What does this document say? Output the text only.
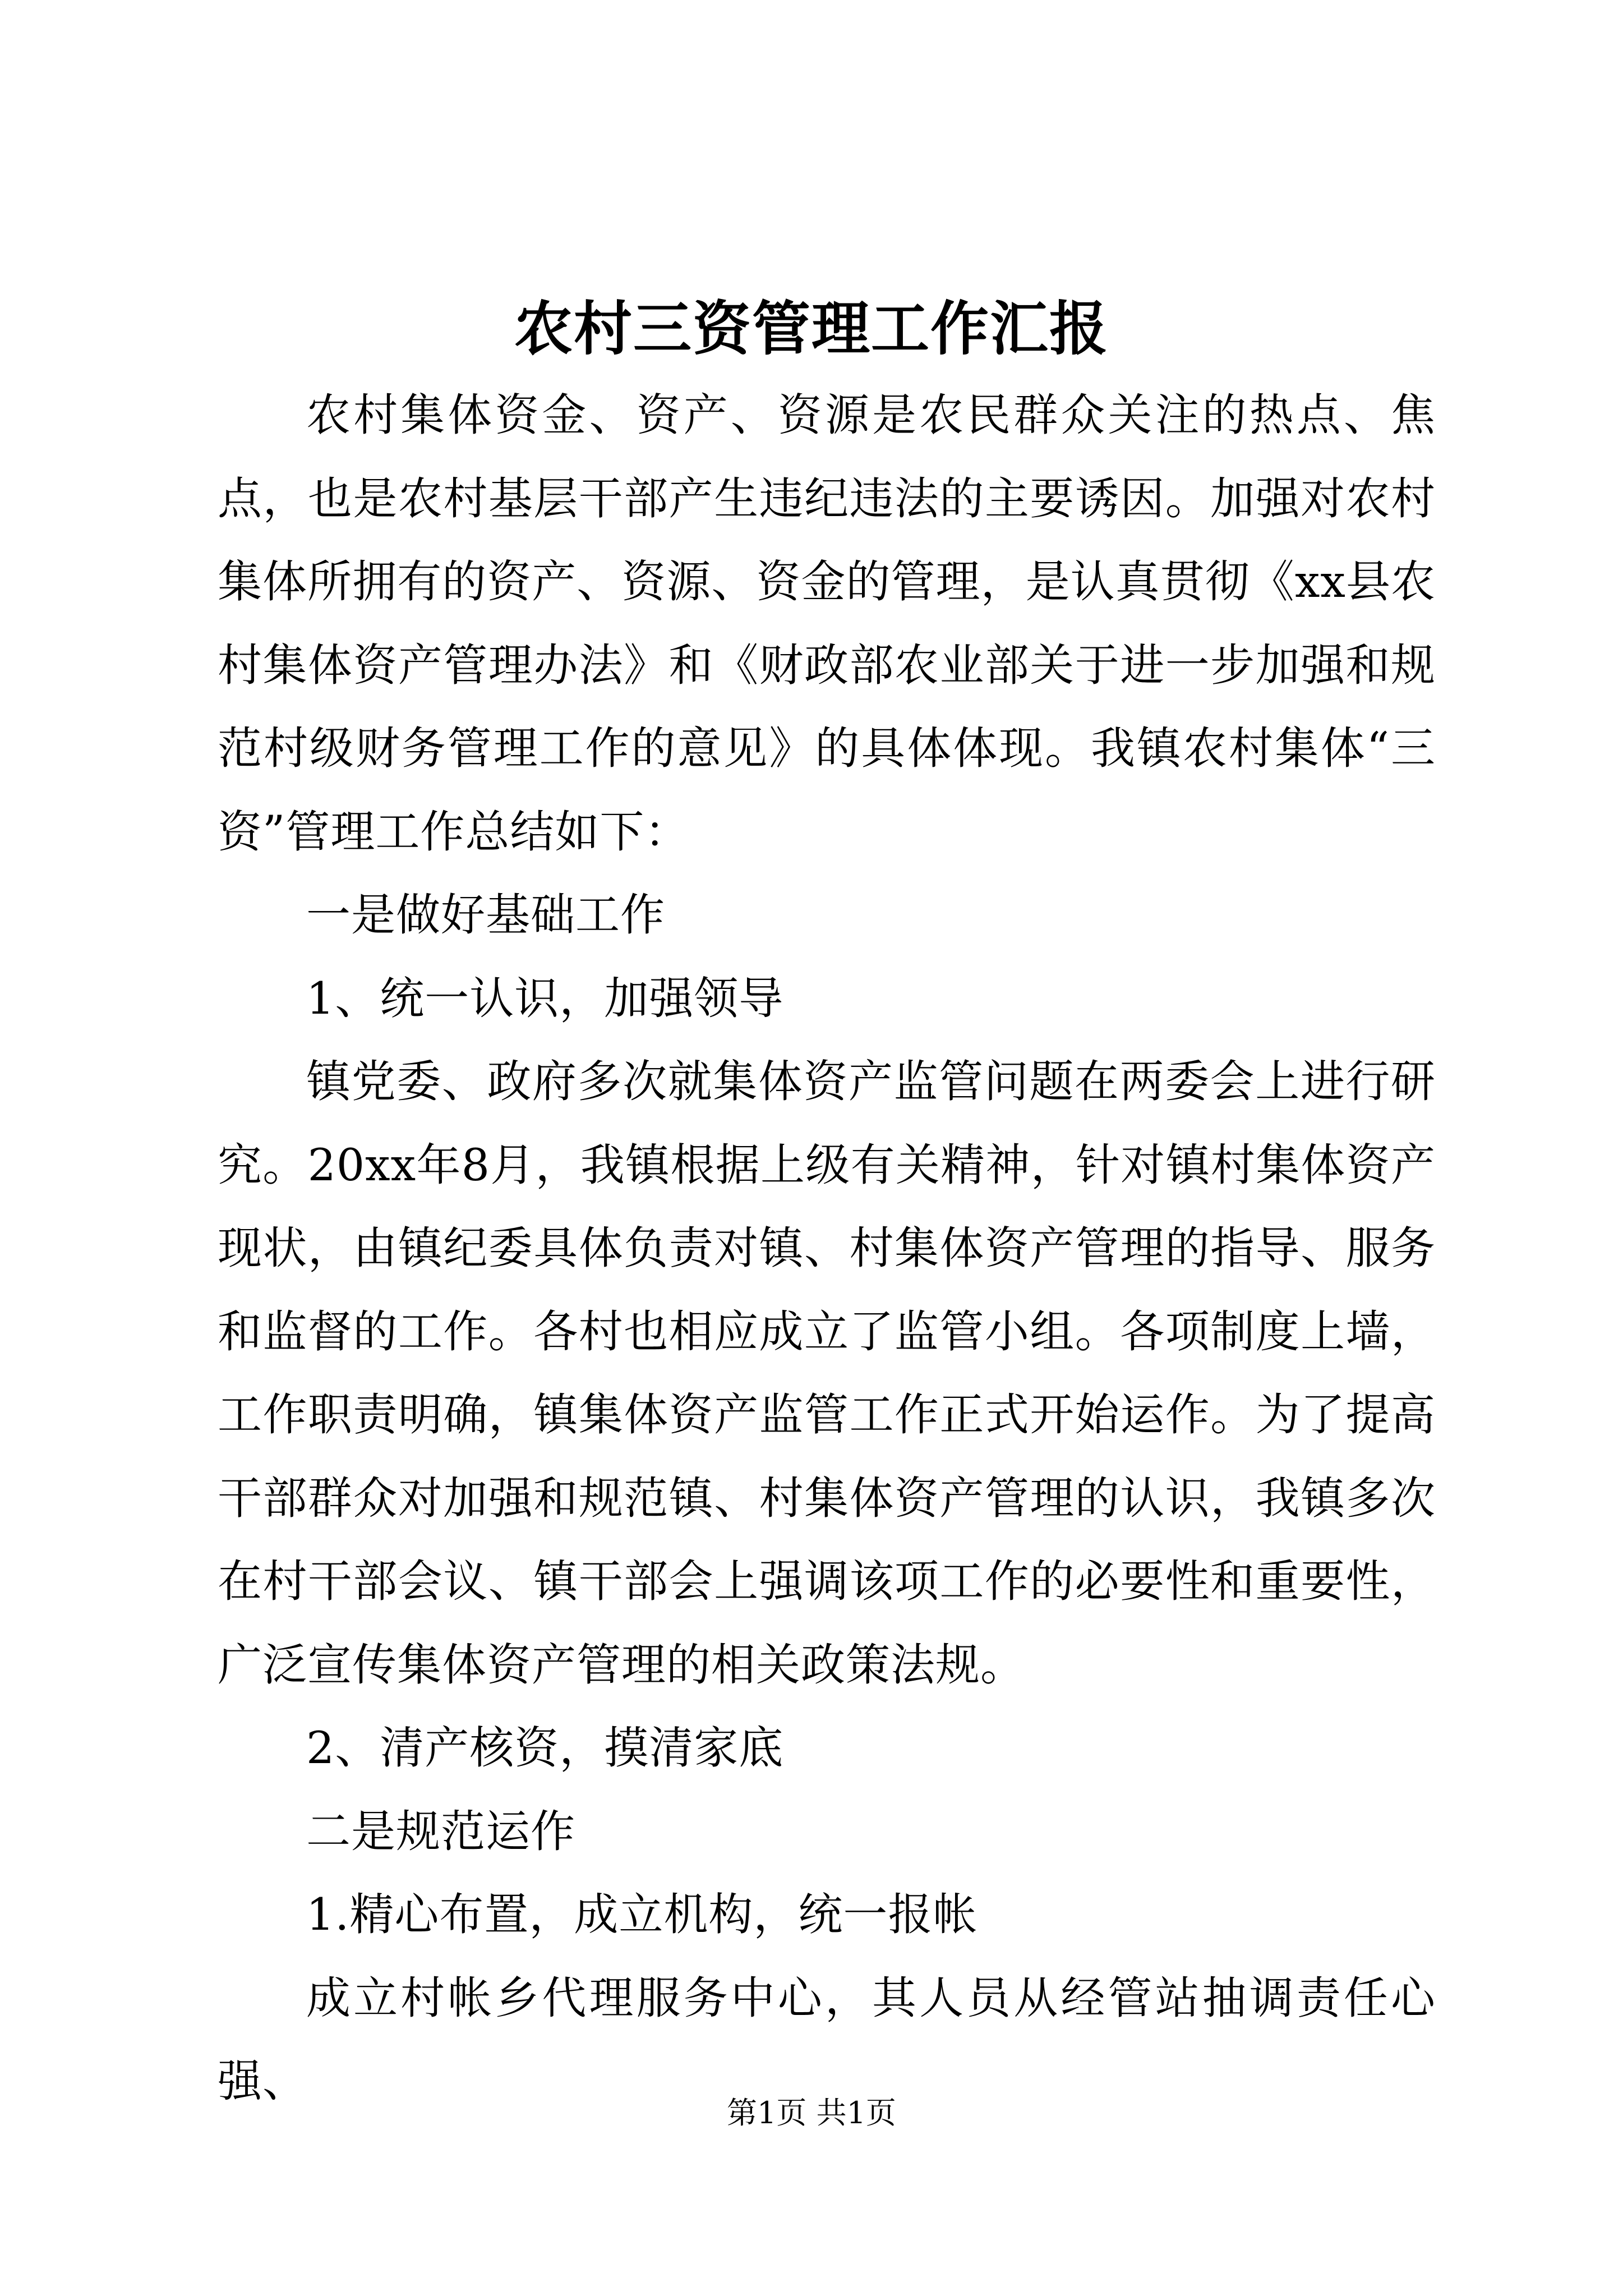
农村三资管理工作汇报

农村集体资金、资产、资源是农民群众关注的热点、焦点，也是农村基层干部产生违纪违法的主要诱因。加强对农村集体所拥有的资产、资源、资金的管理，是认真贯彻《xx县农村集体资产管理办法》和《财政部农业部关于进一步加强和规范村级财务管理工作的意见》的具体体现。我镇农村集体“三资”管理工作总结如下：

一是做好基础工作

1、统一认识，加强领导

镇党委、政府多次就集体资产监管问题在两委会上进行研究。20xx年8月，我镇根据上级有关精神，针对镇村集体资产现状，由镇纪委具体负责对镇、村集体资产管理的指导、服务和监督的工作。各村也相应成立了监管小组。各项制度上墙，工作职责明确，镇集体资产监管工作正式开始运作。为了提高干部群众对加强和规范镇、村集体资产管理的认识，我镇多次在村干部会议、镇干部会上强调该项工作的必要性和重要性，广泛宣传集体资产管理的相关政策法规。

2、清产核资，摸清家底

二是规范运作

1.精心布置，成立机构，统一报帐

成立村帐乡代理服务中心，其人员从经管站抽调责任心强、

第1页 共1页
